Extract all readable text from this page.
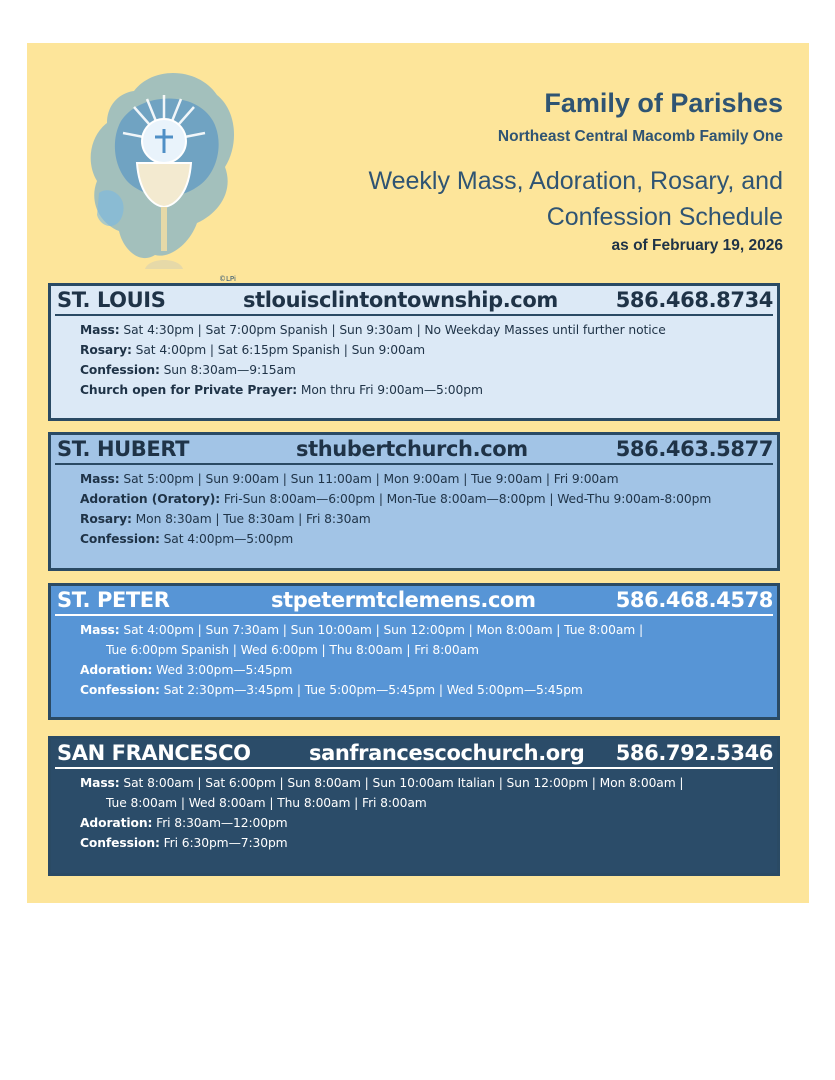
©LPi
Family of Parishes
Northeast Central Macomb Family One
Weekly Mass, Adoration, Rosary, and
Confession Schedule
as of February 19, 2026
ST. LOUIS	stlouisclintontownship.com	586.468.8734
Mass: Sat 4:30pm | Sat 7:00pm Spanish | Sun 9:30am | No Weekday Masses until further notice
Rosary: Sat 4:00pm | Sat 6:15pm Spanish | Sun 9:00am
Confession: Sun 8:30am—9:15am
Church open for Private Prayer: Mon thru Fri 9:00am—5:00pm
ST. HUBERT	sthubertchurch.com	586.463.5877
Mass: Sat 5:00pm | Sun 9:00am | Sun 11:00am | Mon 9:00am | Tue 9:00am | Fri 9:00am
Adoration (Oratory): Fri-Sun 8:00am—6:00pm | Mon-Tue 8:00am—8:00pm | Wed-Thu 9:00am-8:00pm
Rosary: Mon 8:30am | Tue 8:30am | Fri 8:30am
Confession: Sat 4:00pm—5:00pm
ST. PETER	stpetermtclemens.com	586.468.4578
Mass: Sat 4:00pm | Sun 7:30am | Sun 10:00am | Sun 12:00pm | Mon 8:00am | Tue 8:00am |
Tue 6:00pm Spanish | Wed 6:00pm | Thu 8:00am | Fri 8:00am
Adoration: Wed 3:00pm—5:45pm
Confession: Sat 2:30pm—3:45pm | Tue 5:00pm—5:45pm | Wed 5:00pm—5:45pm
SAN FRANCESCO	sanfrancescochurch.org 586.792.5346
Mass: Sat 8:00am | Sat 6:00pm | Sun 8:00am | Sun 10:00am Italian | Sun 12:00pm | Mon 8:00am |
Tue 8:00am | Wed 8:00am | Thu 8:00am | Fri 8:00am
Adoration: Fri 8:30am—12:00pm
Confession: Fri 6:30pm—7:30pm
